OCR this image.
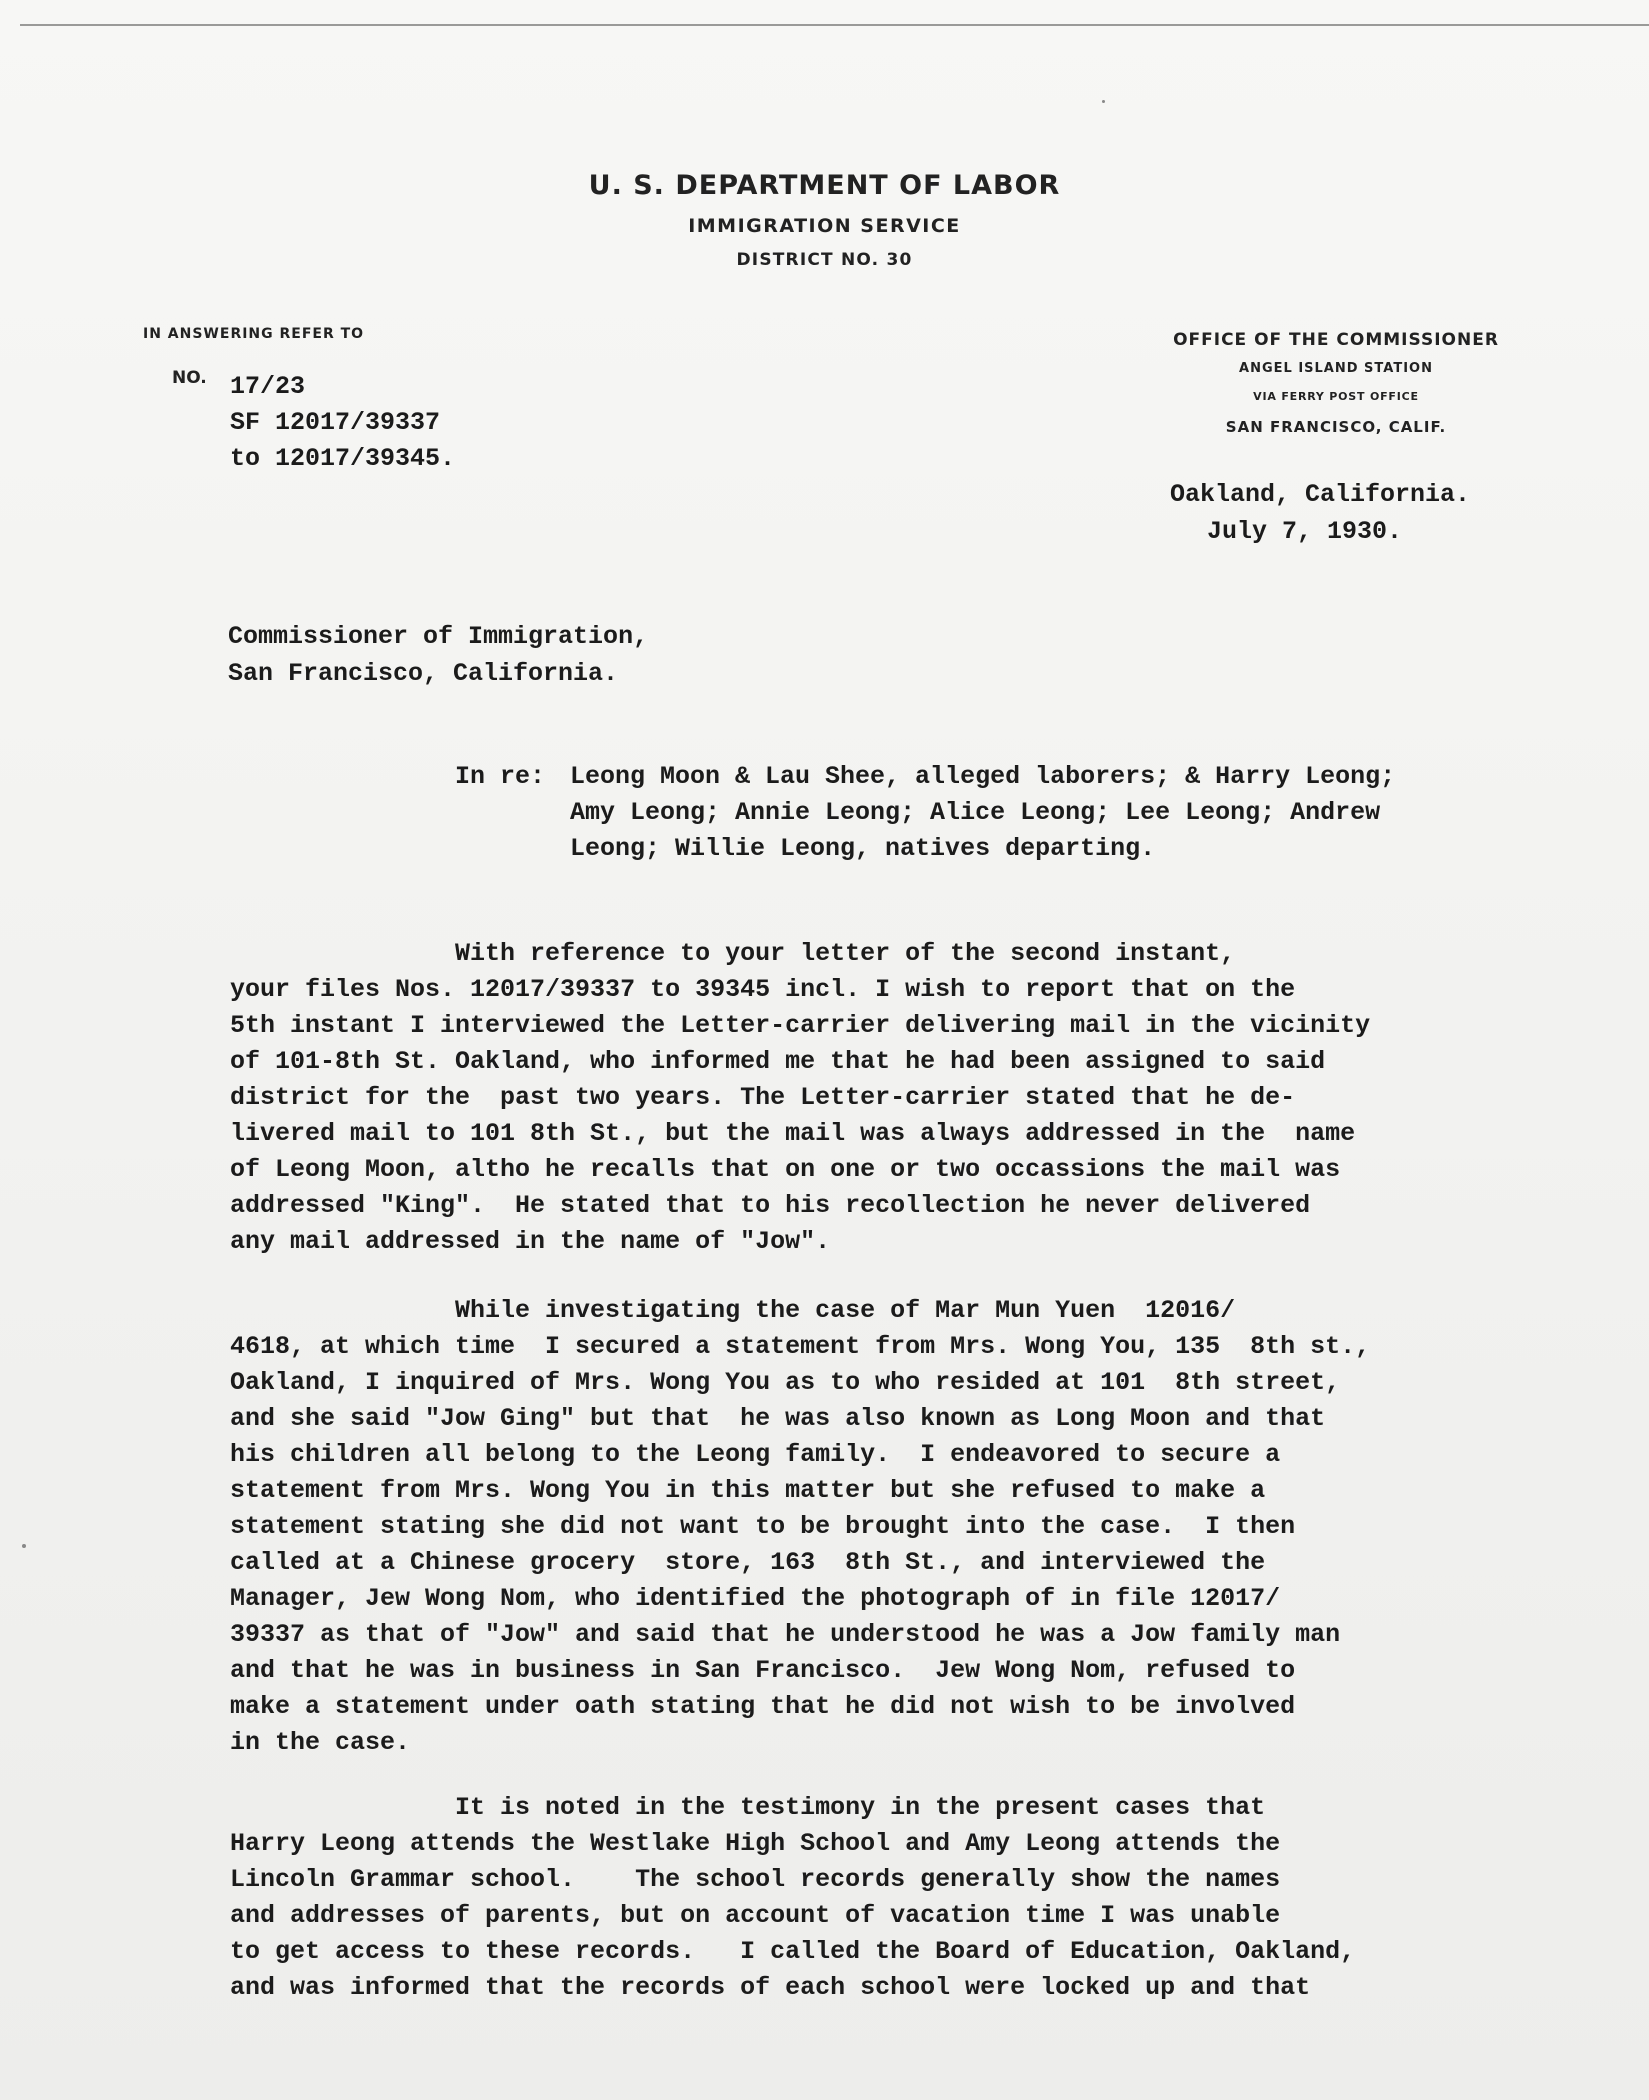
U. S. DEPARTMENT OF LABOR
IMMIGRATION SERVICE
DISTRICT NO. 30
IN ANSWERING REFER TO
NO. 17/23
SF 12017/39337
to 12017/39345.
OFFICE OF THE COMMISSIONER
ANGEL ISLAND STATION
VIA FERRY POST OFFICE
SAN FRANCISCO, CALIF.
Oakland, California.
July 7, 1930.
Commissioner of Immigration,
San Francisco, California.
In re: Leong Moon & Lau Shee, alleged laborers; & Harry Leong;
Amy Leong; Annie Leong; Alice Leong; Lee Leong; Andrew
Leong; Willie Leong, natives departing.
With reference to your letter of the second instant,
your files Nos. 12017/39337 to 39345 incl. I wish to report that on the
5th instant I interviewed the Letter-carrier delivering mail in the vicinity
of 101-8th St. Oakland, who informed me that he had been assigned to said
district for the  past two years. The Letter-carrier stated that he de-
livered mail to 101 8th St., but the mail was always addressed in the  name
of Leong Moon, altho he recalls that on one or two occassions the mail was
addressed "King".  He stated that to his recollection he never delivered
any mail addressed in the name of "Jow".
While investigating the case of Mar Mun Yuen  12016/
4618, at which time  I secured a statement from Mrs. Wong You, 135  8th st.,
Oakland, I inquired of Mrs. Wong You as to who resided at 101  8th street,
and she said "Jow Ging" but that  he was also known as Long Moon and that
his children all belong to the Leong family.  I endeavored to secure a
statement from Mrs. Wong You in this matter but she refused to make a
statement stating she did not want to be brought into the case.  I then
called at a Chinese grocery  store, 163  8th St., and interviewed the
Manager, Jew Wong Nom, who identified the photograph of in file 12017/
39337 as that of "Jow" and said that he understood he was a Jow family man
and that he was in business in San Francisco.  Jew Wong Nom, refused to
make a statement under oath stating that he did not wish to be involved
in the case.
It is noted in the testimony in the present cases that
Harry Leong attends the Westlake High School and Amy Leong attends the
Lincoln Grammar school.    The school records generally show the names
and addresses of parents, but on account of vacation time I was unable
to get access to these records.   I called the Board of Education, Oakland,
and was informed that the records of each school were locked up and that
